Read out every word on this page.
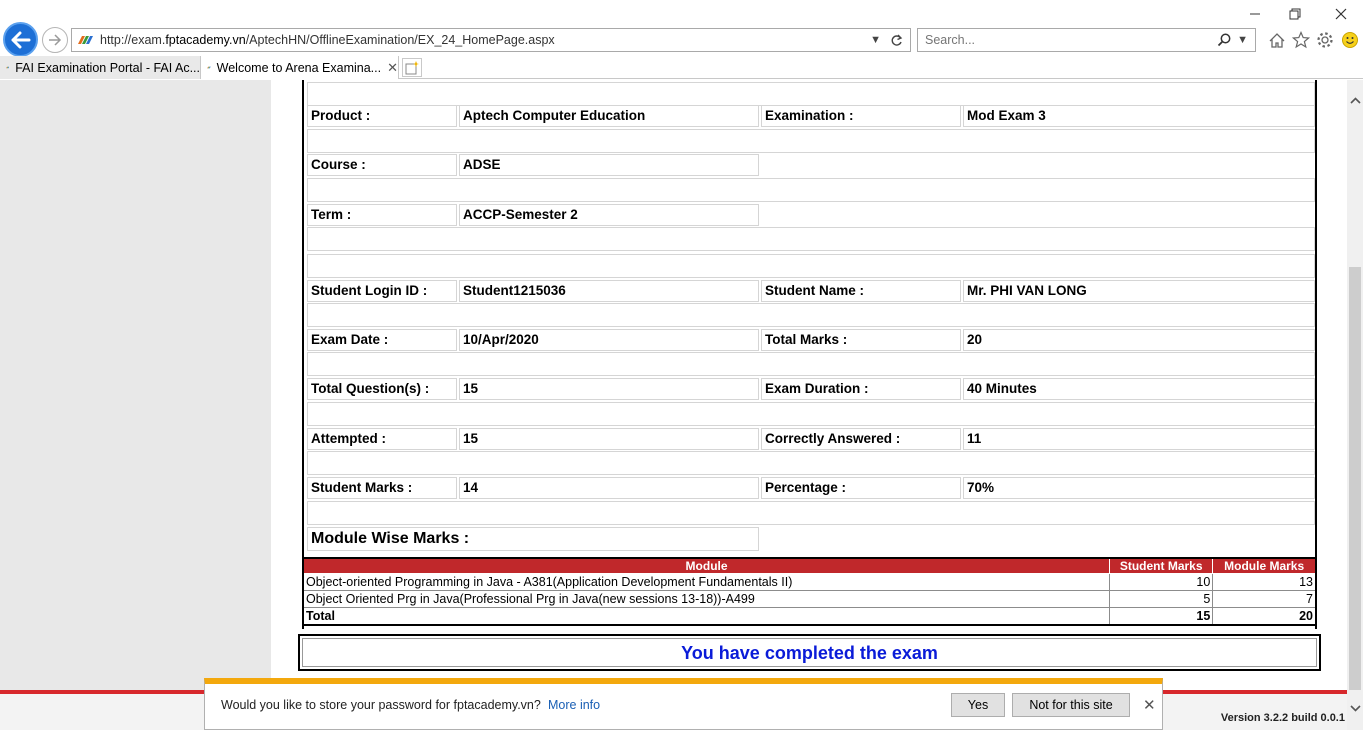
http://exam.fptacademy.vn/AptechHN/OfflineExamination/EX_24_HomePage.aspx	▼
Search...	▼
FAI Examination Portal - FAI Ac... Welcome to Arena Examina... ✕
Product :	Aptech Computer Education	Examination :	Mod Exam 3
Course :	ADSE
Term :	ACCP-Semester 2
Student Login ID :	Student1215036	Student Name :	Mr. PHI VAN LONG
Exam Date :	10/Apr/2020	Total Marks :	20
Total Question(s) :	15	Exam Duration :	40 Minutes
Attempted :	15	Correctly Answered :	11
Student Marks :	14	Percentage :	70%
Module Wise Marks :
Module	Student Marks	Module Marks
Object-oriented Programming in Java - A381(Application Development Fundamentals II)	10	13
Object Oriented Prg in Java(Professional Prg in Java(new sessions 13-18))-A499	5	7
Total	15	20
You have completed the exam
Version 3.2.2 build 0.0.1
Would you like to store your password for fptacademy.vn? More info	Yes	Not for this site	✕
